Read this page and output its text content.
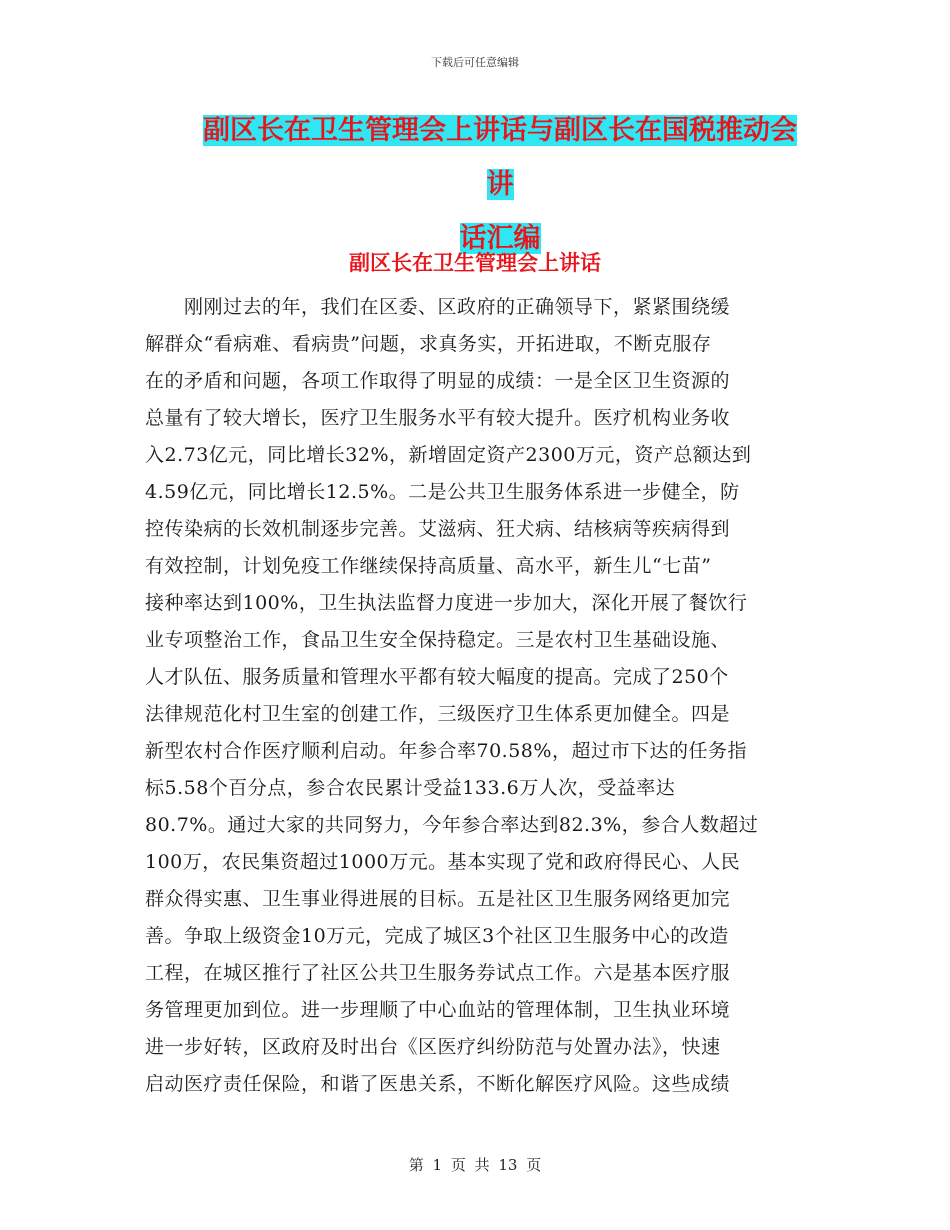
下载后可任意编辑
副区长在卫生管理会上讲话与副区长在国税推动会讲
话汇编
副区长在卫生管理会上讲话
　　刚刚过去的年，我们在区委、区政府的正确领导下，紧紧围绕缓
解群众“看病难、看病贵”问题，求真务实，开拓进取，不断克服存
在的矛盾和问题，各项工作取得了明显的成绩：一是全区卫生资源的
总量有了较大增长，医疗卫生服务水平有较大提升。医疗机构业务收
入2.73亿元，同比增长32%，新增固定资产2300万元，资产总额达到
4.59亿元，同比增长12.5%。二是公共卫生服务体系进一步健全，防
控传染病的长效机制逐步完善。艾滋病、狂犬病、结核病等疾病得到
有效控制，计划免疫工作继续保持高质量、高水平，新生儿“七苗”
接种率达到100%，卫生执法监督力度进一步加大，深化开展了餐饮行
业专项整治工作，食品卫生安全保持稳定。三是农村卫生基础设施、
人才队伍、服务质量和管理水平都有较大幅度的提高。完成了250个
法律规范化村卫生室的创建工作，三级医疗卫生体系更加健全。四是
新型农村合作医疗顺利启动。年参合率70.58%，超过市下达的任务指
标5.58个百分点，参合农民累计受益133.6万人次，受益率达
80.7%。通过大家的共同努力，今年参合率达到82.3%，参合人数超过
100万，农民集资超过1000万元。基本实现了党和政府得民心、人民
群众得实惠、卫生事业得进展的目标。五是社区卫生服务网络更加完
善。争取上级资金10万元，完成了城区3个社区卫生服务中心的改造
工程，在城区推行了社区公共卫生服务券试点工作。六是基本医疗服
务管理更加到位。进一步理顺了中心血站的管理体制，卫生执业环境
进一步好转，区政府及时出台《区医疗纠纷防范与处置办法》，快速
启动医疗责任保险，和谐了医患关系，不断化解医疗风险。这些成绩
第 1 页 共 13 页
